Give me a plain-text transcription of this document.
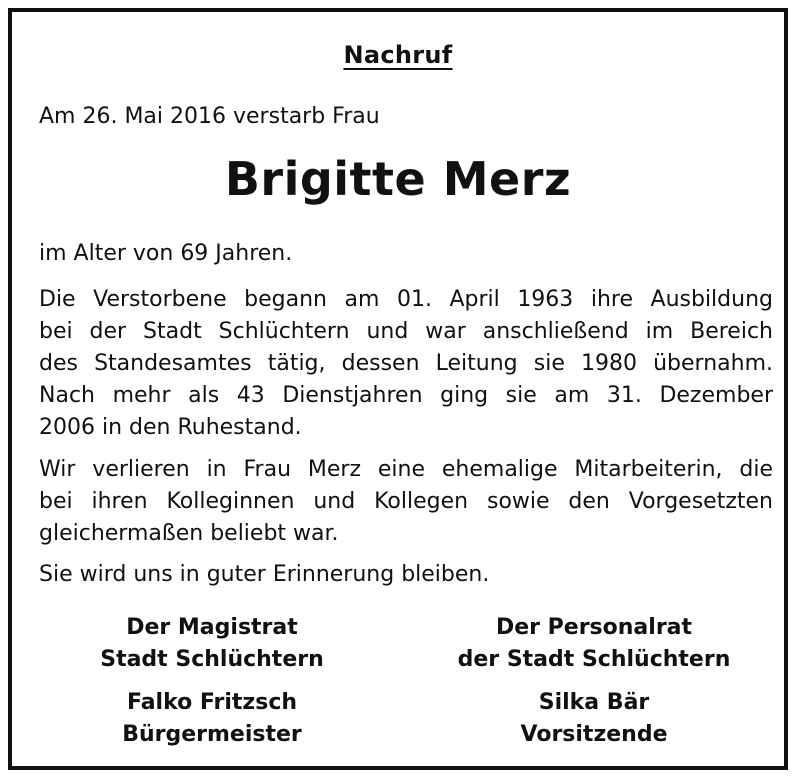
Nachruf
Am 26. Mai 2016 verstarb Frau
Brigitte Merz
im Alter von 69 Jahren.
Die Verstorbene begann am 01. April 1963 ihre Ausbildung
bei der Stadt Schlüchtern und war anschließend im Bereich
des Standesamtes tätig, dessen Leitung sie 1980 übernahm.
Nach mehr als 43 Dienstjahren ging sie am 31. Dezember
2006 in den Ruhestand.
Wir verlieren in Frau Merz eine ehemalige Mitarbeiterin, die
bei ihren Kolleginnen und Kollegen sowie den Vorgesetzten
gleichermaßen beliebt war.
Sie wird uns in guter Erinnerung bleiben.
Der Magistrat
Stadt Schlüchtern
Der Personalrat
der Stadt Schlüchtern
Falko Fritzsch
Bürgermeister
Silka Bär
Vorsitzende
